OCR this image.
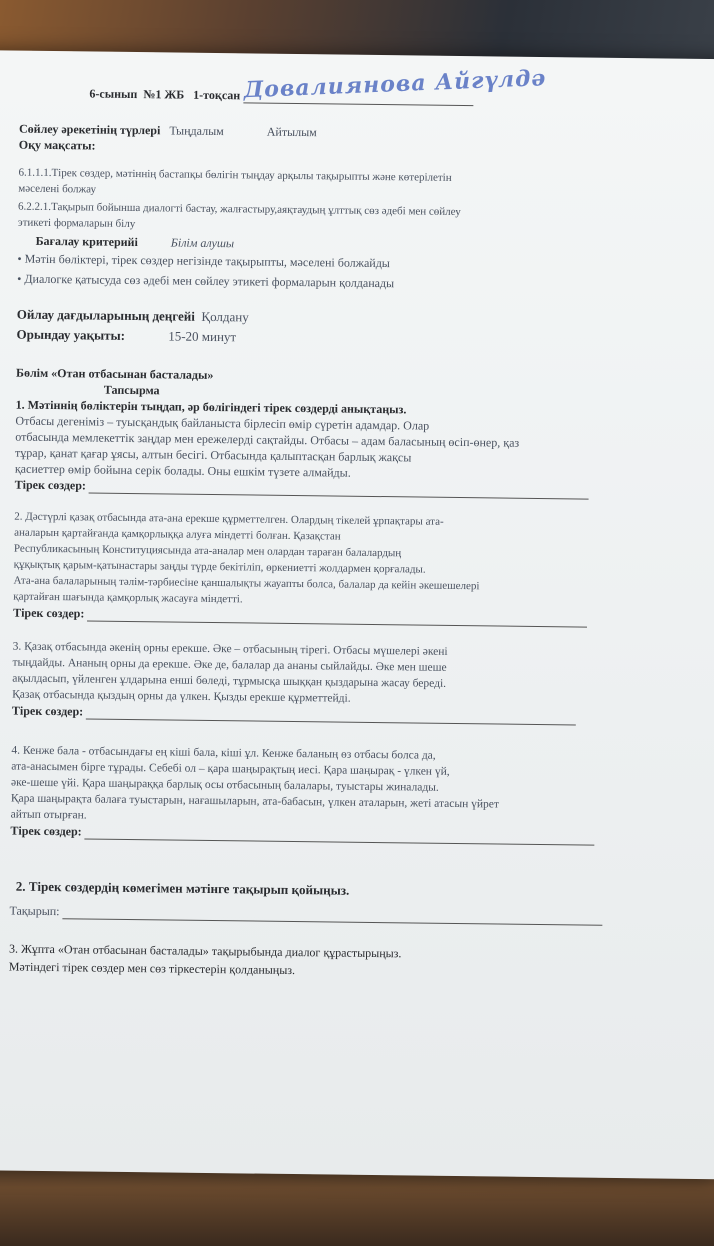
6-сынып №1 ЖБ 1-тоқсан Довалиянова Айгүлдә
Сөйлеу әрекетінің түрлері Тыңдалым	Айтылым
Оқу мақсаты:
6.1.1.1.Тірек сөздер, мәтіннің бастапқы бөлігін тыңдау арқылы тақырыпты және көтерілетін
мәселені болжау
6.2.2.1.Тақырып бойынша диалогті бастау, жалғастыру,аяқтаудың ұлттық сөз әдебі мен сөйлеу
этикеті формаларын білу
Бағалау критерийі	Білім алушы
• Мәтін бөліктері, тірек сөздер негізінде тақырыпты, мәселені болжайды
• Диалогке қатысуда сөз әдебі мен сөйлеу этикеті формаларын қолданады
Ойлау дағдыларының деңгейі Қолдану
Орындау уақыты:	15-20 минут
Бөлім «Отан отбасынан басталады»
Тапсырма
1. Мәтіннің бөліктерін тыңдап, әр бөлігіндегі тірек сөздерді анықтаңыз.
Отбасы дегеніміз – туысқандық байланыста бірлесіп өмір сүретін адамдар. Олар
отбасында мемлекеттік заңдар мен ережелерді сақтайды. Отбасы – адам баласының өсіп-өнер, қаз
тұрар, қанат қағар ұясы, алтын бесігі. Отбасында қалыптасқан барлық жақсы
қасиеттер өмір бойына серік болады. Оны ешкім түзете алмайды.
Тірек сөздер:
2. Дәстүрлі қазақ отбасында ата-ана ерекше құрметтелген. Олардың тікелей ұрпақтары ата-
аналарын қартайғанда қамқорлыққа алуға міндетті болған. Қазақстан
Республикасының Конституциясында ата-аналар мен олардан тараған балалардың
құқықтық қарым-қатынастары заңды түрде бекітіліп, өркениетті жолдармен қорғалады.
Ата-ана балаларының тәлім-тәрбиесіне қаншалықты жауапты болса, балалар да кейін әкешешелері
қартайған шағында қамқорлық жасауға міндетті.
Тірек сөздер:
3. Қазақ отбасында әкенің орны ерекше. Әке – отбасының тірегі. Отбасы мүшелері әкені
тыңдайды. Ананың орны да ерекше. Әке де, балалар да ананы сыйлайды. Әке мен шеше
ақылдасып, үйленген ұлдарына енші бөледі, тұрмысқа шыққан қыздарына жасау береді.
Қазақ отбасында қыздың орны да үлкен. Қызды ерекше құрметтейді.
Тірек сөздер:
4. Кенже бала - отбасындағы ең кіші бала, кіші ұл. Кенже баланың өз отбасы болса да,
ата-анасымен бірге тұрады. Себебі ол – қара шаңырақтың иесі. Қара шаңырақ - үлкен үй,
әке-шеше үйі. Қара шаңыраққа барлық осы отбасының балалары, туыстары жиналады.
Қара шаңырақта балаға туыстарын, нағашыларын, ата-бабасын, үлкен аталарын, жеті атасын үйрет
айтып отырған.
Тірек сөздер:
2. Тірек сөздердің көмегімен мәтінге тақырып қойыңыз.
Тақырып:
3. Жұпта «Отан отбасынан басталады» тақырыбында диалог құрастырыңыз.
Мәтіндегі тірек сөздер мен сөз тіркестерін қолданыңыз.
